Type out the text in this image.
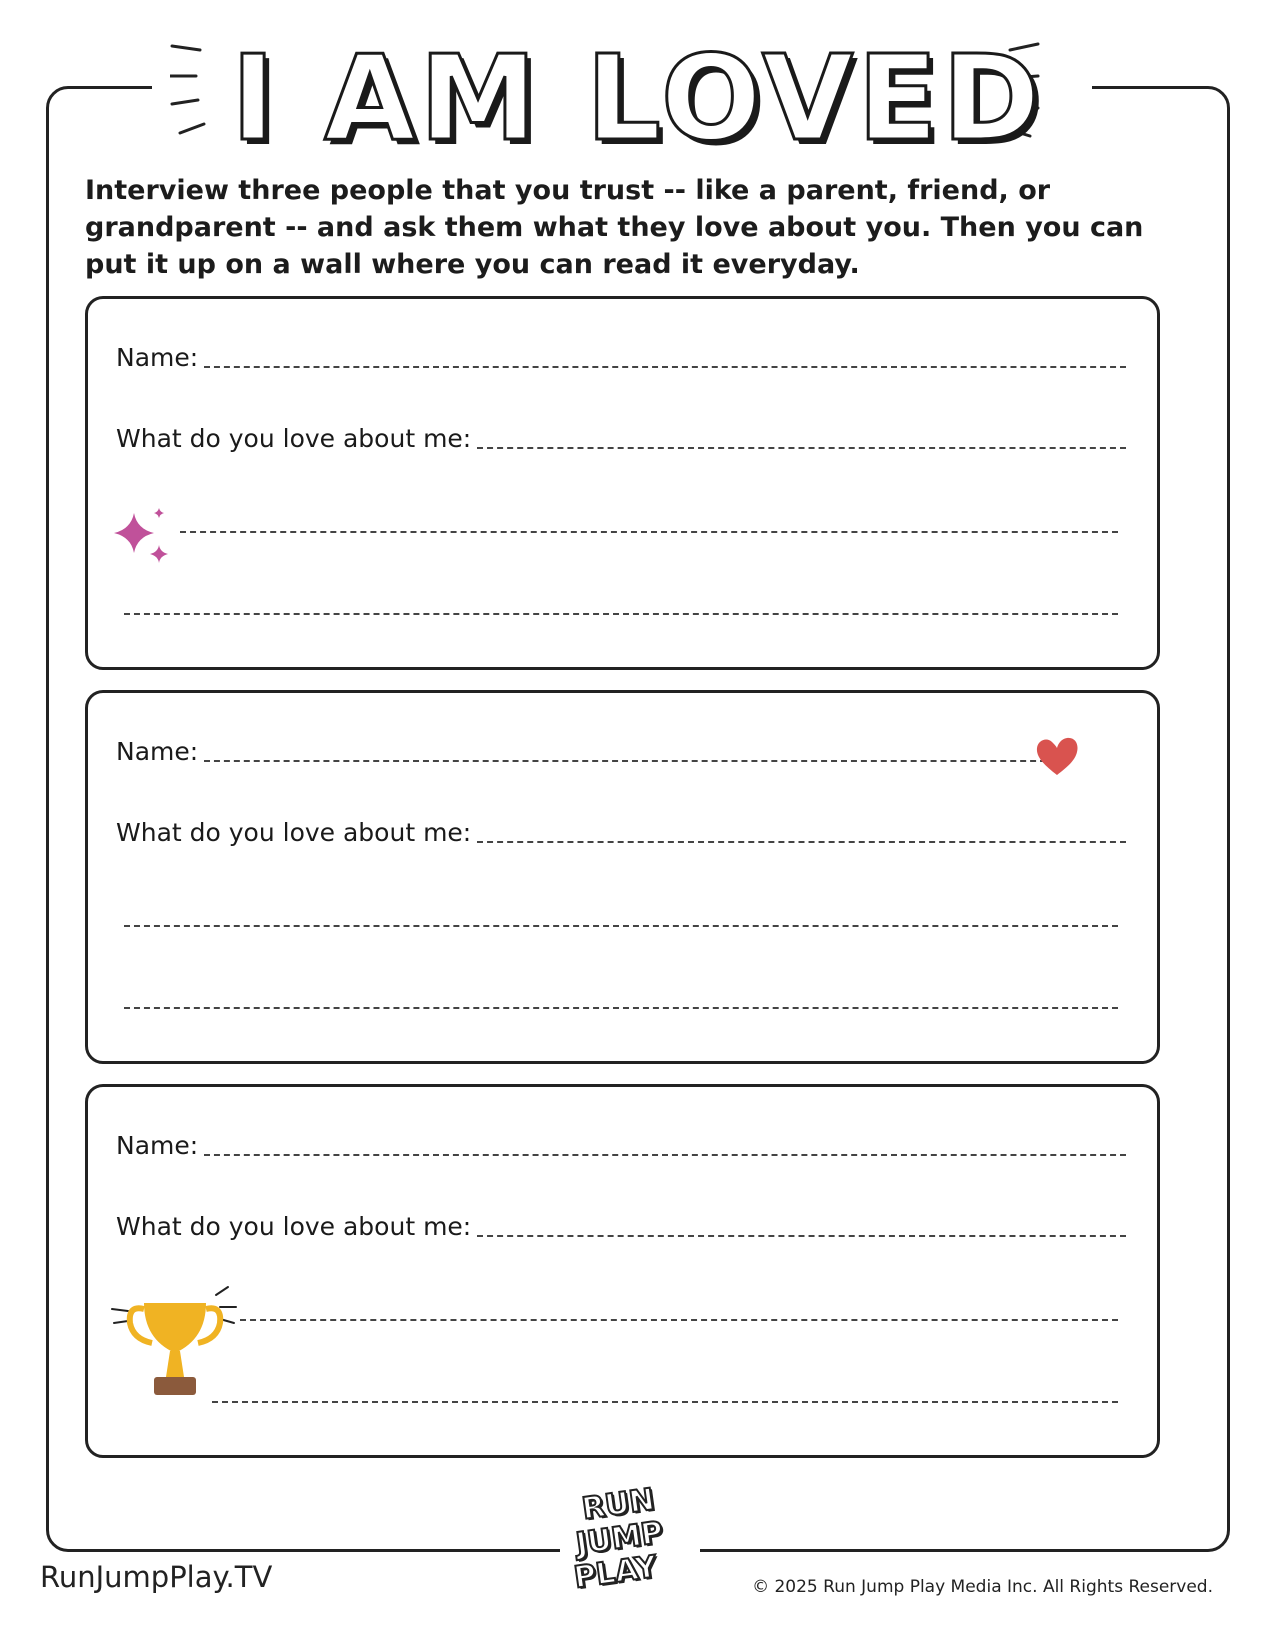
I AM LOVED
Interview three people that you trust -- like a parent, friend, or grandparent -- and ask them what they love about you. Then you can put it up on a wall where you can read it everyday.
Name:
What do you love about me:
Name:
What do you love about me:
Name:
What do you love about me:
RUN
JUMP
PLAY
RunJumpPlay.TV	© 2025 Run Jump Play Media Inc. All Rights Reserved.
